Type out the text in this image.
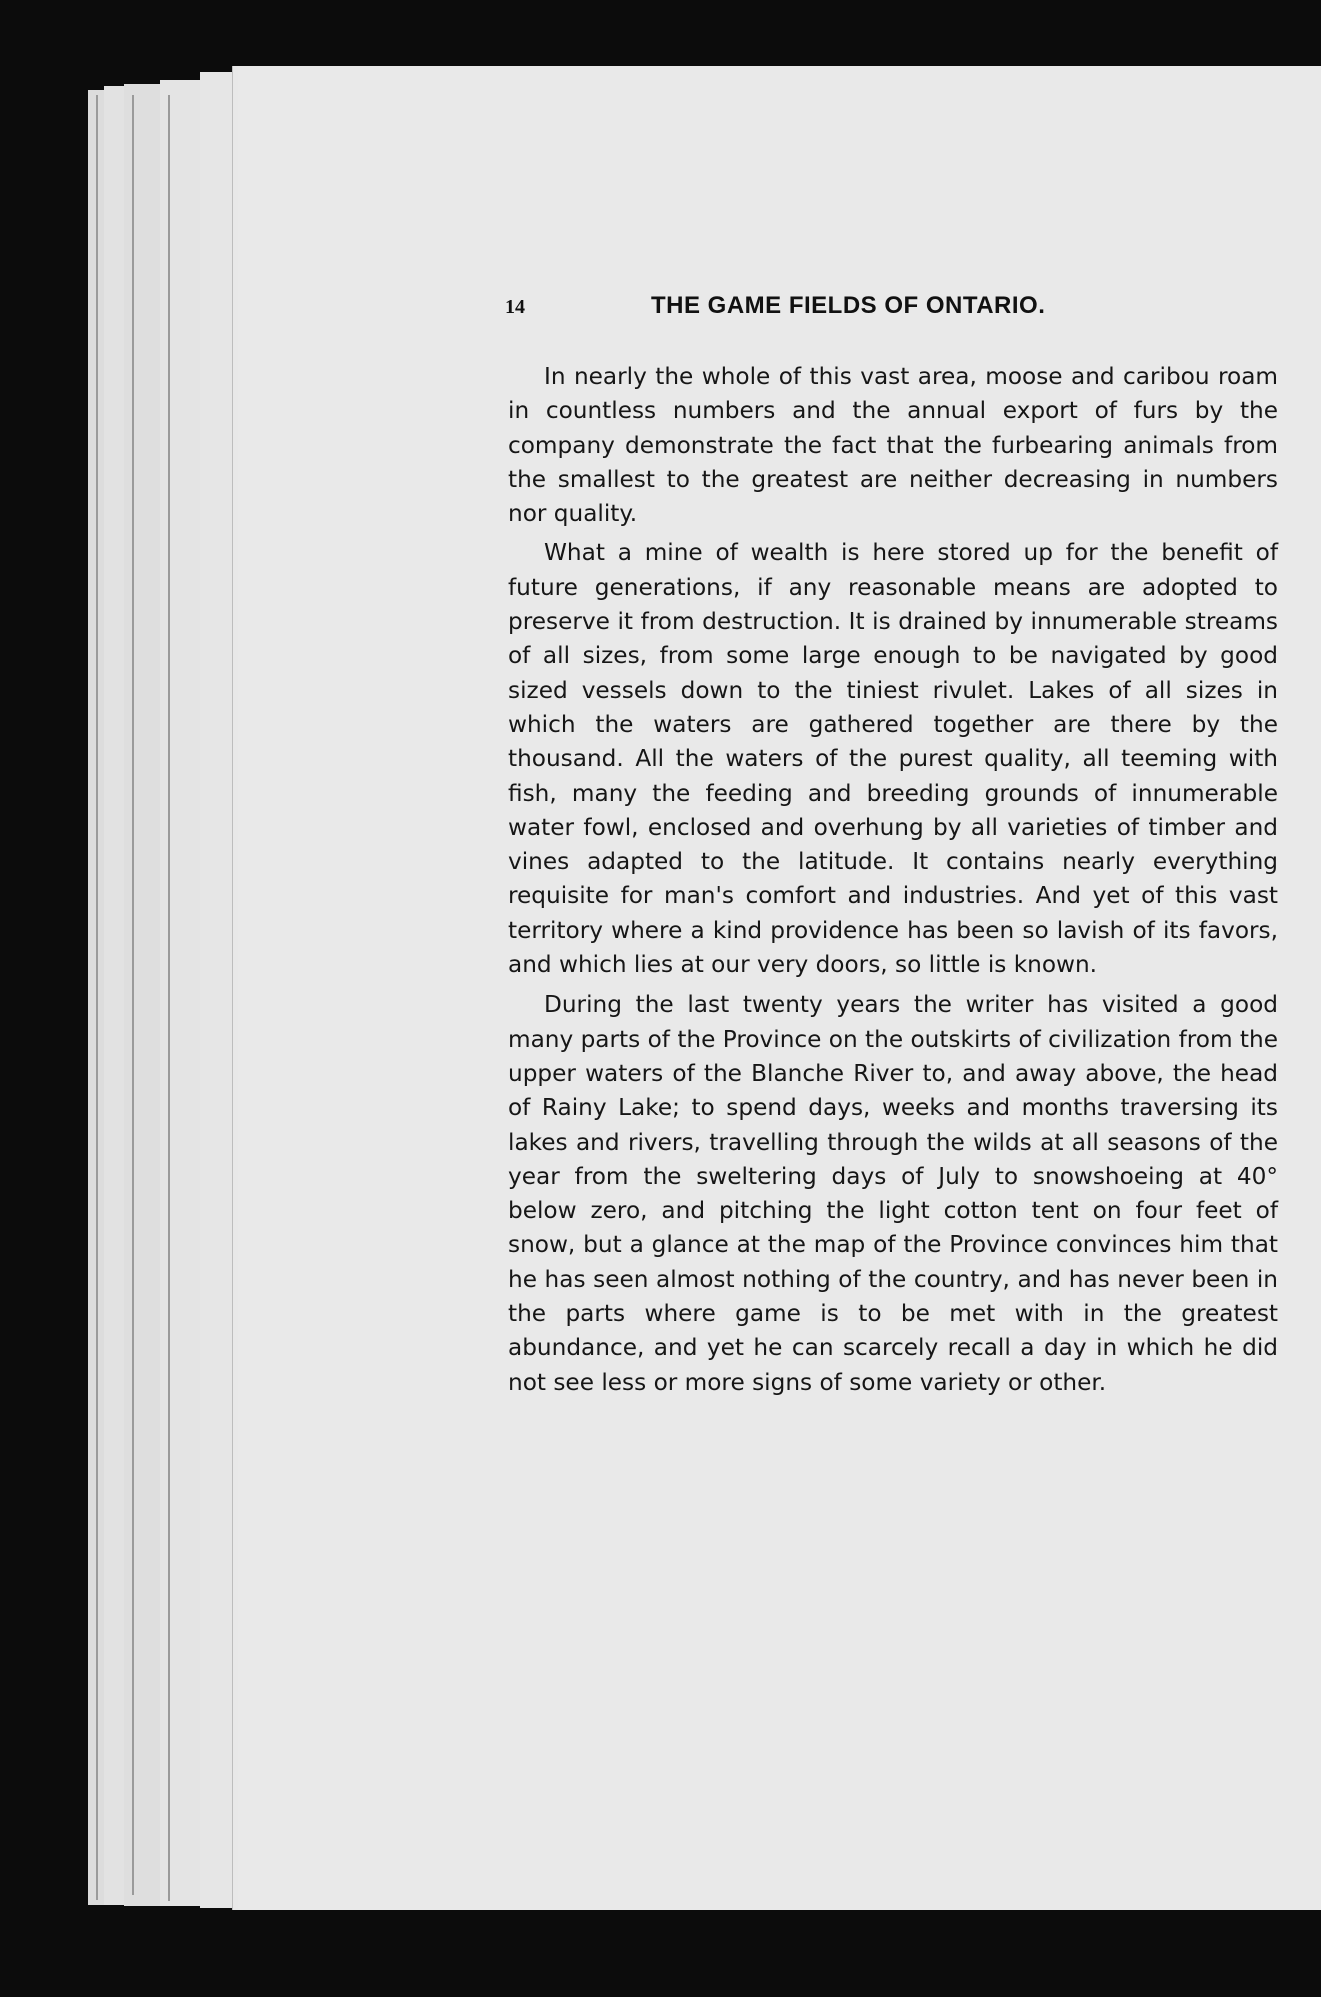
14	THE GAME FIELDS OF ONTARIO.

In nearly the whole of this vast area, moose and caribou roam in countless numbers and the annual export of furs by the company demonstrate the fact that the furbearing animals from the smallest to the greatest are neither decreasing in numbers nor quality.

What a mine of wealth is here stored up for the benefit of future generations, if any reasonable means are adopted to preserve it from destruction. It is drained by innumerable streams of all sizes, from some large enough to be navigated by good sized vessels down to the tiniest rivulet. Lakes of all sizes in which the waters are gathered together are there by the thousand. All the waters of the purest quality, all teeming with fish, many the feeding and breeding grounds of innumerable water fowl, enclosed and overhung by all varieties of timber and vines adapted to the latitude. It contains nearly everything requisite for man's comfort and industries. And yet of this vast territory where a kind providence has been so lavish of its favors, and which lies at our very doors, so little is known.

During the last twenty years the writer has visited a good many parts of the Province on the outskirts of civilization from the upper waters of the Blanche River to, and away above, the head of Rainy Lake; to spend days, weeks and months traversing its lakes and rivers, travelling through the wilds at all seasons of the year from the sweltering days of July to snowshoeing at 40° below zero, and pitching the light cotton tent on four feet of snow, but a glance at the map of the Province convinces him that he has seen almost nothing of the country, and has never been in the parts where game is to be met with in the greatest abundance, and yet he can scarcely recall a day in which he did not see less or more signs of some variety or other.
